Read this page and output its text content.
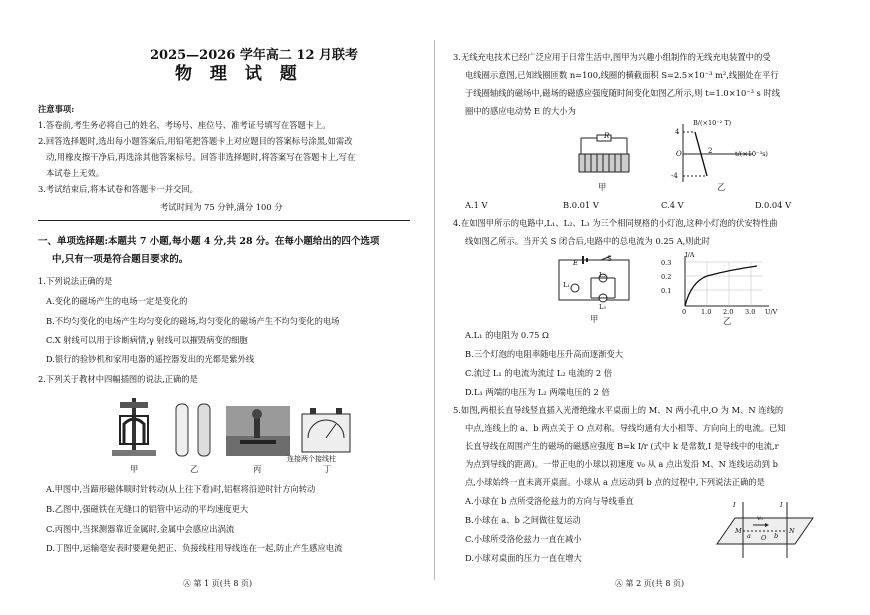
2025—2026 学年高二 12 月联考
物 理 试 题
注意事项:
1.答卷前,考生务必将自己的姓名、考场号、座位号、准考证号填写在答题卡上。
2.回答选择题时,选出每小题答案后,用铅笔把答题卡上对应题目的答案标号涂黑,如需改
动,用橡皮擦干净后,再选涂其他答案标号。回答非选择题时,将答案写在答题卡上,写在
本试卷上无效。
3.考试结束后,将本试卷和答题卡一并交回。
考试时间为 75 分钟,满分 100 分
一、单项选择题:本题共 7 小题,每小题 4 分,共 28 分。在每小题给出的四个选项
中,只有一项是符合题目要求的。
1.下列说法正确的是
A.变化的磁场产生的电场一定是变化的
B.不均匀变化的电场产生均匀变化的磁场,均匀变化的磁场产生不均匀变化的电场
C.X 射线可以用于诊断病情,γ 射线可以摧毁病变的细胞
D.银行的验钞机和家用电器的遥控器发出的光都是紫外线
2.下列关于教材中四幅插图的说法,正确的是
甲	乙	丙	丁
连接两个接线柱
A.甲图中,当蹄形磁体顺时针转动(从上往下看)时,铝框将沿逆时针方向转动
B.乙图中,强磁铁在无缝口的铝管中运动的平均速度更大
C.丙图中,当探测器靠近金属时,金属中会感应出涡流
D.丁图中,运输毫安表时要避免把正、负接线柱用导线连在一起,防止产生感应电流
Ⓐ 第 1 页(共 8 页)
3.无线充电技术已经广泛应用于日常生活中,图甲为兴趣小组制作的无线充电装置中的受
电线圈示意图,已知线圈匝数 n=100,线圈的横截面积 S=2.5×10⁻³ m²,线圈处在平行
于线圈轴线的磁场中,磁场的磁感应强度随时间变化如图乙所示,则 t=1.0×10⁻³ s 时线
圈中的感应电动势 E 的大小为
R
甲
B/(×10⁻² T)
t/(×10⁻³s)
4
-4
2
O
乙
A.1 V	B.0.01 V	C.4 V	D.0.04 V
4.在如图甲所示的电路中,L₁、L₂、L₃ 为三个相同规格的小灯泡,这种小灯泡的伏安特性曲
线如图乙所示。当开关 S 闭合后,电路中的总电流为 0.25 A,则此时
E	S
L₁
L₂
L₃
甲
I/A
0.3
0.2
0.1
0 1.0 2.0 3.0 U/V
乙
A.L₁ 的电阻为 0.75 Ω
B.三个灯泡的电阻率随电压升高而逐渐变大
C.流过 L₁ 的电流为流过 L₂ 电流的 2 倍
D.L₁ 两端的电压为 L₂ 两端电压的 2 倍
5.如图,两根长直导线竖直插入光滑绝缘水平桌面上的 M、N 两小孔中,O 为 M、N 连线的
中点,连线上的 a、b 两点关于 O 点对称。导线均通有大小相等、方向向上的电流。已知
长直导线在周围产生的磁场的磁感应强度 B=k I/r (式中 k 是常数,I 是导线中的电流,r
为点到导线的距离)。一带正电的小球以初速度 v₀ 从 a 点出发沿 M、N 连线运动到 b
点,小球始终一直未离开桌面。小球从 a 点运动到 b 点的过程中,下列说法正确的是
A.小球在 b 点所受洛伦兹力的方向与导线垂直
B.小球在 a、b 之间做往复运动
C.小球所受洛伦兹力一直在减小
D.小球对桌面的压力一直在增大
I	I
M	N
a	b
O
v₀
Ⓐ 第 2 页(共 8 页)
